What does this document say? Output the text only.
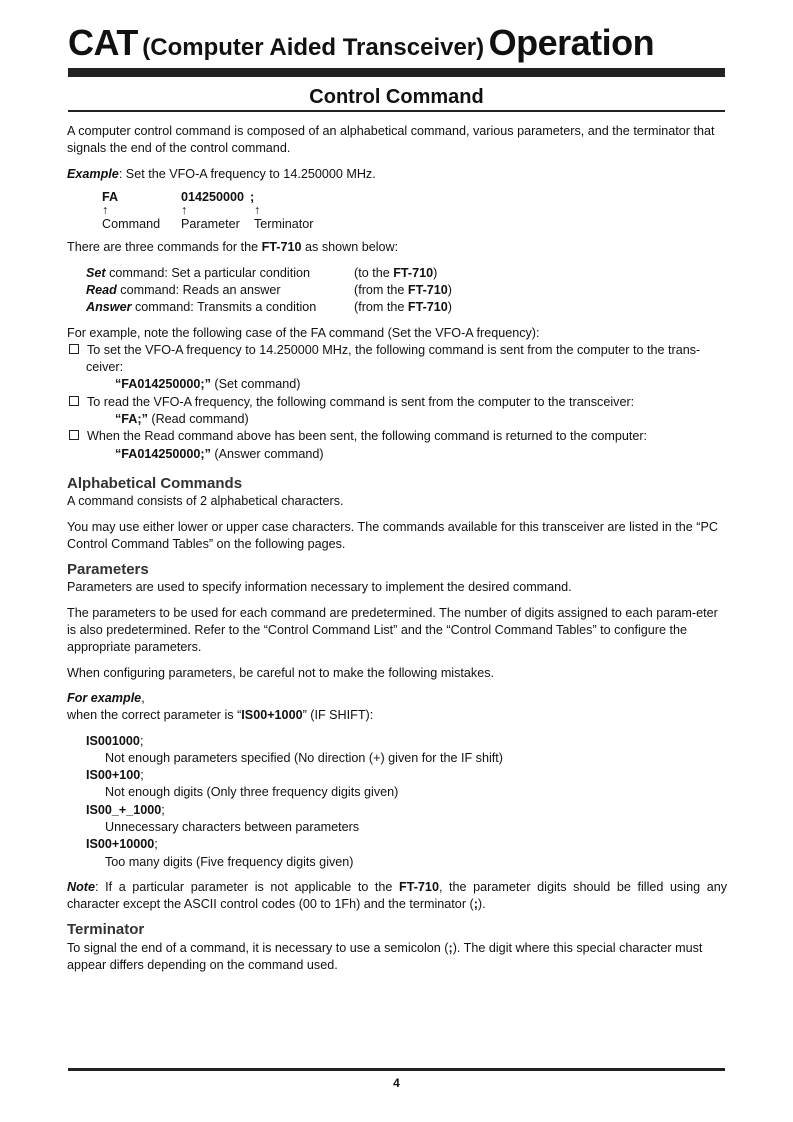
CAT (Computer Aided Transceiver) Operation
Control Command

A computer control command is composed of an alphabetical command, various parameters, and the terminator that signals the end of the control command.

Example: Set the VFO-A frequency to 14.250000 MHz.

FA	014250000 ;
↑	↑	↑
Command	Parameter	Terminator

There are three commands for the FT-710 as shown below:

Set command: Set a particular condition	(to the FT-710)
Read command: Reads an answer	(from the FT-710)
Answer command: Transmits a condition	(from the FT-710)

For example, note the following case of the FA command (Set the VFO-A frequency):

To set the VFO-A frequency to 14.250000 MHz, the following command is sent from the computer to the trans-
ceiver:
“FA014250000;” (Set command)
To read the VFO-A frequency, the following command is sent from the computer to the transceiver:
“FA;” (Read command)
When the Read command above has been sent, the following command is returned to the computer:
“FA014250000;” (Answer command)
Alphabetical Commands

A command consists of 2 alphabetical characters.

You may use either lower or upper case characters. The commands available for this transceiver are listed in the “PC Control Command Tables” on the following pages.

Parameters

Parameters are used to specify information necessary to implement the desired command.

The parameters to be used for each command are predetermined. The number of digits assigned to each param-eter is also predetermined. Refer to the “Control Command List” and the “Control Command Tables” to configure the appropriate parameters.

When configuring parameters, be careful not to make the following mistakes.

For example,

when the correct parameter is “IS00+1000” (IF SHIFT):

IS001000;
Not enough parameters specified (No direction (+) given for the IF shift)
IS00+100;
Not enough digits (Only three frequency digits given)
IS00_+_1000;
Unnecessary characters between parameters
IS00+10000;
Too many digits (Five frequency digits given)

Note: If a particular parameter is not applicable to the FT-710, the parameter digits should be filled using any character except the ASCII control codes (00 to 1Fh) and the terminator (;).

Terminator

To signal the end of a command, it is necessary to use a semicolon (;). The digit where this special character must appear differs depending on the command used.

4
